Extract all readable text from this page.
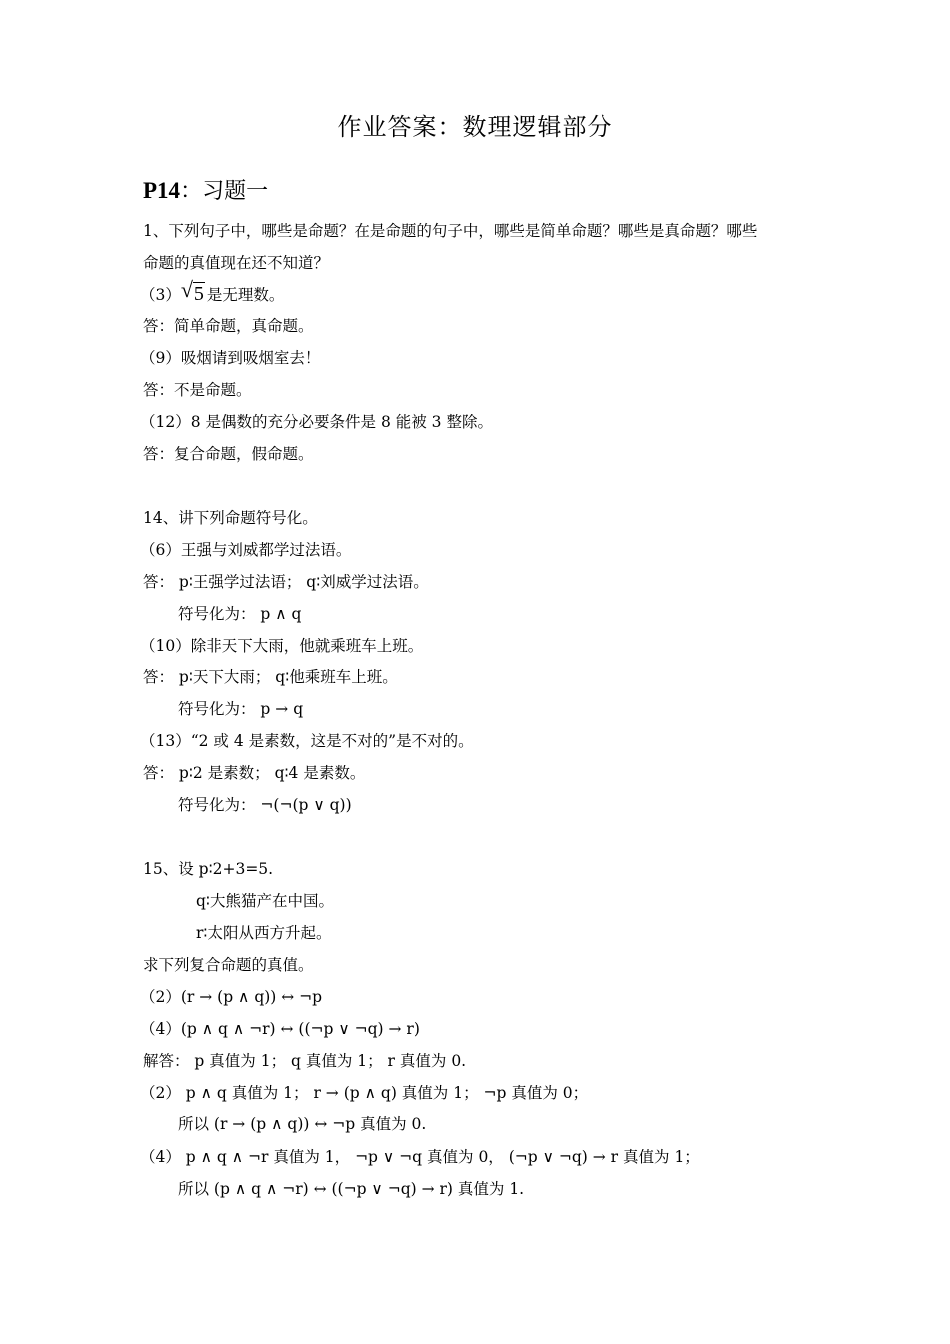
作业答案：数理逻辑部分
P14：习题一
1、下列句子中，哪些是命题？在是命题的句子中，哪些是简单命题？哪些是真命题？哪些
命题的真值现在还不知道？
（3） √ 5 是无理数。
答：简单命题，真命题。
（9）吸烟请到吸烟室去！
答：不是命题。
（12）8 是偶数的充分必要条件是 8 能被 3 整除。
答：复合命题，假命题。
14、讲下列命题符号化。
（6）王强与刘威都学过法语。
答： p∶王强学过法语； q∶刘威学过法语。
符号化为： p ∧ q
（10）除非天下大雨，他就乘班车上班。
答： p∶天下大雨； q∶他乘班车上班。
符号化为： p → q
（13）“2 或 4 是素数，这是不对的”是不对的。
答： p∶2 是素数； q∶4 是素数。
符号化为： ¬(¬(p ∨ q))
15、设 p∶2+3=5.
q∶大熊猫产在中国。
r∶太阳从西方升起。
求下列复合命题的真值。
（2）(r → (p ∧ q)) ↔ ¬p
（4）(p ∧ q ∧ ¬r) ↔ ((¬p ∨ ¬q) → r)
解答： p 真值为 1； q 真值为 1； r 真值为 0.
（2） p ∧ q 真值为 1； r → (p ∧ q) 真值为 1； ¬p 真值为 0；
所以 (r → (p ∧ q)) ↔ ¬p 真值为 0.
（4） p ∧ q ∧ ¬r 真值为 1， ¬p ∨ ¬q 真值为 0， (¬p ∨ ¬q) → r 真值为 1；
所以 (p ∧ q ∧ ¬r) ↔ ((¬p ∨ ¬q) → r) 真值为 1.
